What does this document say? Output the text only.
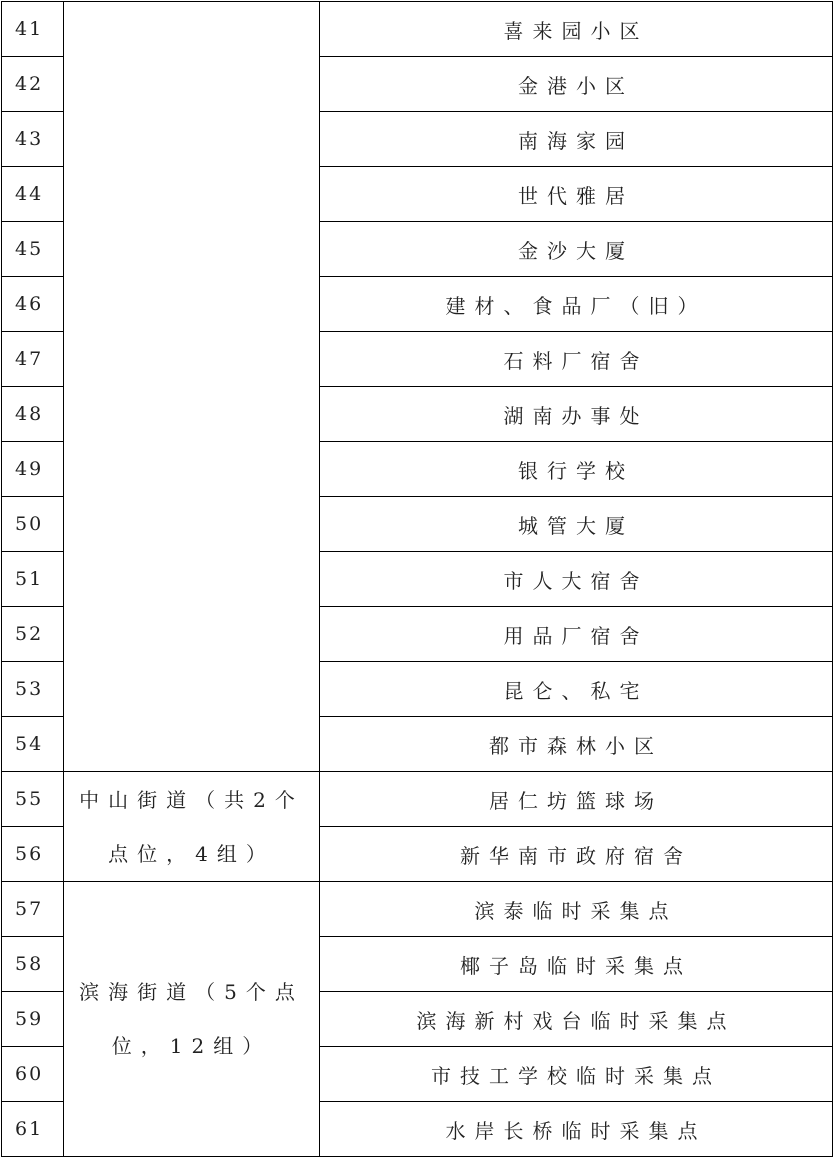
41		喜来园小区
42		金港小区
43		南海家园
44		世代雅居
45		金沙大厦
46		建材、食品厂（旧）
47		石料厂宿舍
48		湖南办事处
49		银行学校
50		城管大厦
51		市人大宿舍
52		用品厂宿舍
53		昆仑、私宅
54		都市森林小区
55	中山街道（共2个点位，4组）	居仁坊篮球场
56		新华南市政府宿舍
57	滨海街道（5个点位，12组）	滨泰临时采集点
58		椰子岛临时采集点
59		滨海新村戏台临时采集点
60		市技工学校临时采集点
61		水岸长桥临时采集点
